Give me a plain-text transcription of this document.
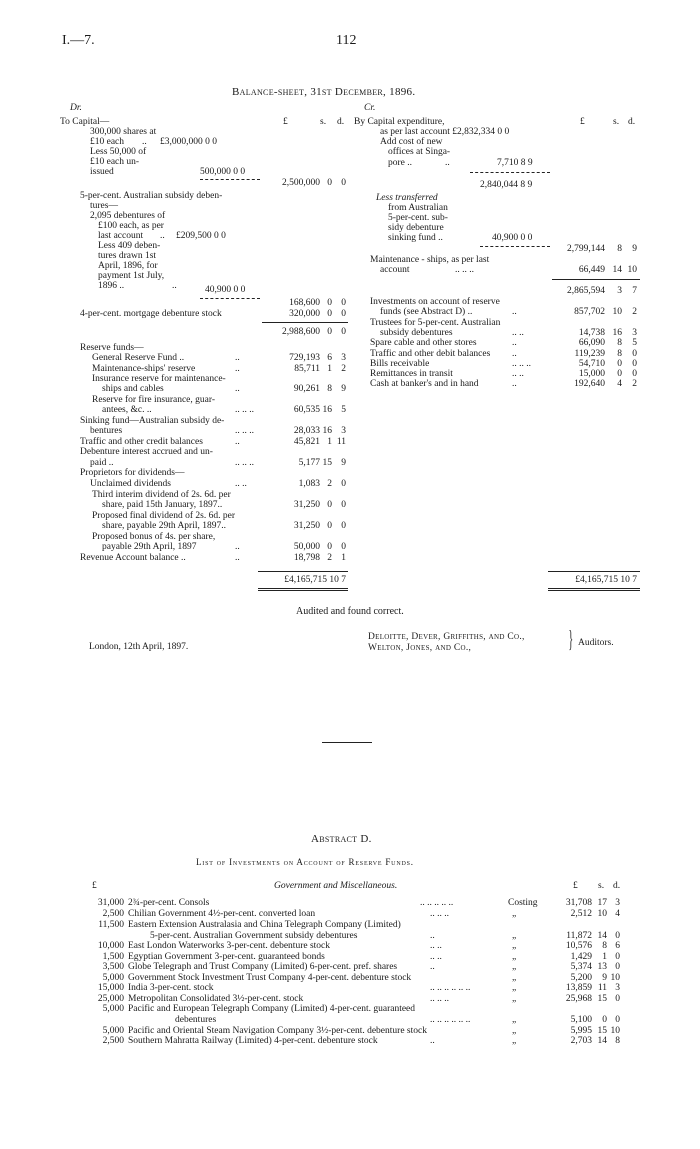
I.—7.	112
Balance-sheet, 31st December, 1896.
Dr.
£	s. d.
To Capital—
300,000 shares at
£10 each .. £3,000,000 0 0
Less 50,000 of
£10 each un-
issued	500,000 0 0
2,500,000 0 0
5-per-cent. Australian subsidy deben-
tures—
2,095 debentures of
£100 each, as per
last account .. £209,500 0 0
Less 409 deben-
tures drawn 1st
April, 1896, for
payment 1st July,
1896 ..	..	40,900 0 0
168,600 0 0
4-per-cent. mortgage debenture stock	320,000 0 0
2,988,600 0 0
Reserve funds—
General Reserve Fund ..	..	729,193 6 3
Maintenance-ships' reserve	..	85,711 1 2
Insurance reserve for maintenance-
ships and cables	..	90,261 8 9
Reserve for fire insurance, guar-
antees, &c. ..	.. .. ..	60,535 16 5
Sinking fund—Australian subsidy de-
bentures	.. .. ..	28,033 16 3
Traffic and other credit balances	..	45,821 1 11
Debenture interest accrued and un-
paid ..	.. .. ..	5,177 15 9
Proprietors for dividends—
Unclaimed dividends	.. ..	1,083 2 0
Third interim dividend of 2s. 6d. per
share, paid 15th January, 1897..	31,250 0 0
Proposed final dividend of 2s. 6d. per
share, payable 29th April, 1897..	31,250 0 0
Proposed bonus of 4s. per share,
payable 29th April, 1897	..	50,000 0 0
Revenue Account balance ..	..	18,798 2 1
£4,165,715 10 7
Cr.
£	s. d.
By Capital expenditure,
as per last account £2,832,334 0 0
Add cost of new
offices at Singa-
pore ..	..	7,710 8 9
2,840,044 8 9
Less transferred
from Australian
5-per-cent. sub-
sidy debenture
sinking fund ..	40,900 0 0
2,799,144	8	9
Maintenance - ships, as per last
account	.. .. ..	66,449 14 10
2,865,594	3	7
Investments on account of reserve
funds (see Abstract D) ..	..	857,702 10	2
Trustees for 5-per-cent. Australian
subsidy debentures	.. ..	14,738 16	3
Spare cable and other stores	..	66,090	8	5
Traffic and other debit balances ..	119,239	8	0
Bills receivable	.. .. ..	54,710	0	0
Remittances in transit	.. ..	15,000	0	0
Cash at banker's and in hand	..	192,640	4	2
£4,165,715 10 7
Audited and found correct.
London, 12th April, 1897.
Deloitte, Dever, Griffiths, and Co.,
Welton, Jones, and Co.,	} Auditors.
Abstract D.
List of Investments on Account of Reserve Funds.
£	Government and Miscellaneous.	£ s. d.
31,000 2¾-per-cent. Consols	.. .. .. .. ..	Costing	31,708 17 3
2,500 Chilian Government 4½-per-cent. converted loan	.. .. ..	„	2,512 10 4
11,500 Eastern Extension Australasia and China Telegraph Company (Limited)
5-per-cent. Australian Government subsidy debentures	..	„	11,872 14 0
10,000 East London Waterworks 3-per-cent. debenture stock	.. ..	„	10,576	8 6
1,500 Egyptian Government 3-per-cent. guaranteed bonds	.. ..	„	1,429	1 0
3,500 Globe Telegraph and Trust Company (Limited) 6-per-cent. pref. shares	..	„	5,374 13 0
5,000 Government Stock Investment Trust Company 4-per-cent. debenture stock	„	5,200	9 10
15,000 India 3-per-cent. stock	.. .. .. .. .. ..	„	13,859 11 3
25,000 Metropolitan Consolidated 3½-per-cent. stock	.. .. ..	„	25,968 15 0
5,000 Pacific and European Telegraph Company (Limited) 4-per-cent. guaranteed
debentures	.. .. .. .. .. ..	„	5,100	0 0
5,000 Pacific and Oriental Steam Navigation Company 3½-per-cent. debenture stock	„	5,995 15 10
2,500 Southern Mahratta Railway (Limited) 4-per-cent. debenture stock	..	„	2,703 14 8
